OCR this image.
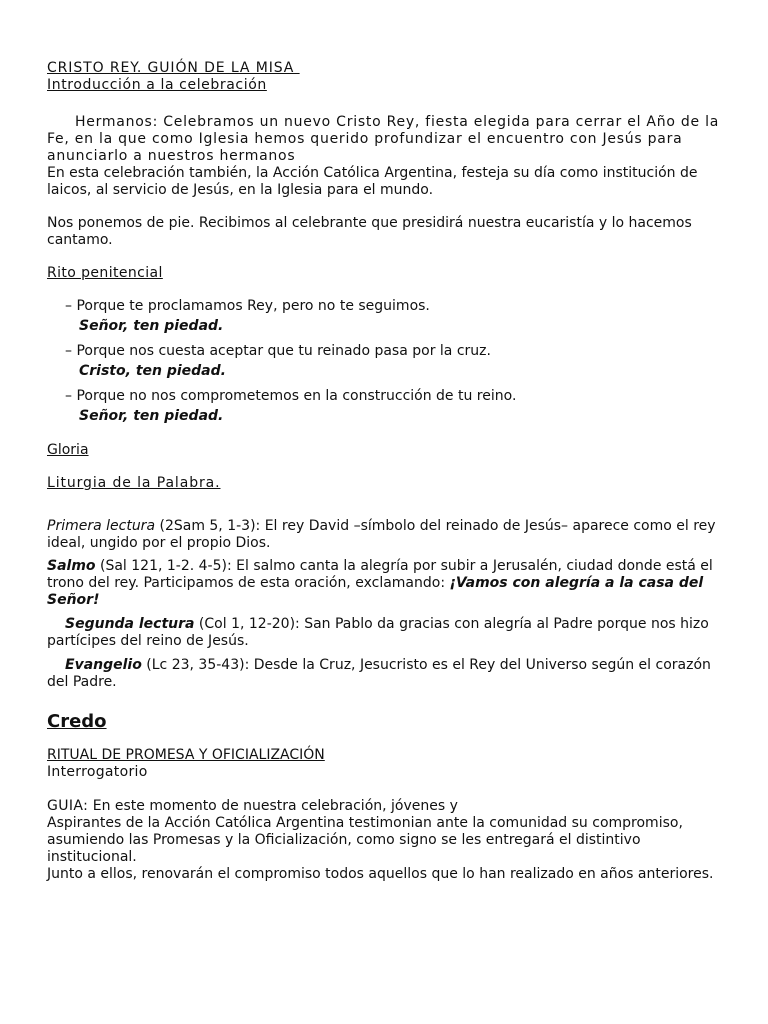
CRISTO REY. GUIÓN DE LA MISA

Introducción a la celebración

Hermanos: Celebramos un nuevo Cristo Rey, fiesta elegida para cerrar el Año de la Fe, en la que como Iglesia hemos querido profundizar el encuentro con Jesús para anunciarlo a nuestros hermanos

En esta celebración también, la Acción Católica Argentina, festeja su día como institución de laicos, al servicio de Jesús, en la Iglesia para el mundo.

Nos ponemos de pie. Recibimos al celebrante que presidirá nuestra eucaristía y lo hacemos cantamo.

Rito penitencial

– Porque te proclamamos Rey, pero no te seguimos.

Señor, ten piedad.

– Porque nos cuesta aceptar que tu reinado pasa por la cruz.

Cristo, ten piedad.

– Porque no nos comprometemos en la construcción de tu reino.

Señor, ten piedad.

Gloria

Liturgia de la Palabra.

Primera lectura (2Sam 5, 1-3): El rey David –símbolo del reinado de Jesús– aparece como el rey ideal, ungido por el propio Dios.

Salmo (Sal 121, 1-2. 4-5): El salmo canta la alegría por subir a Jerusalén, ciudad donde está el trono del rey. Participamos de esta oración, exclamando: ¡Vamos con alegría a la casa del Señor!

Segunda lectura (Col 1, 12-20): San Pablo da gracias con alegría al Padre porque nos hizo partícipes del reino de Jesús.

Evangelio (Lc 23, 35-43): Desde la Cruz, Jesucristo es el Rey del Universo según el corazón del Padre.

Credo

RITUAL DE PROMESA Y OFICIALIZACIÓN

Interrogatorio

GUIA: En este momento de nuestra celebración, jóvenes y

Aspirantes de la Acción Católica Argentina testimonian ante la comunidad su compromiso, asumiendo las Promesas y la Oficialización, como signo se les entregará el distintivo institucional.

Junto a ellos, renovarán el compromiso todos aquellos que lo han realizado en años anteriores.
